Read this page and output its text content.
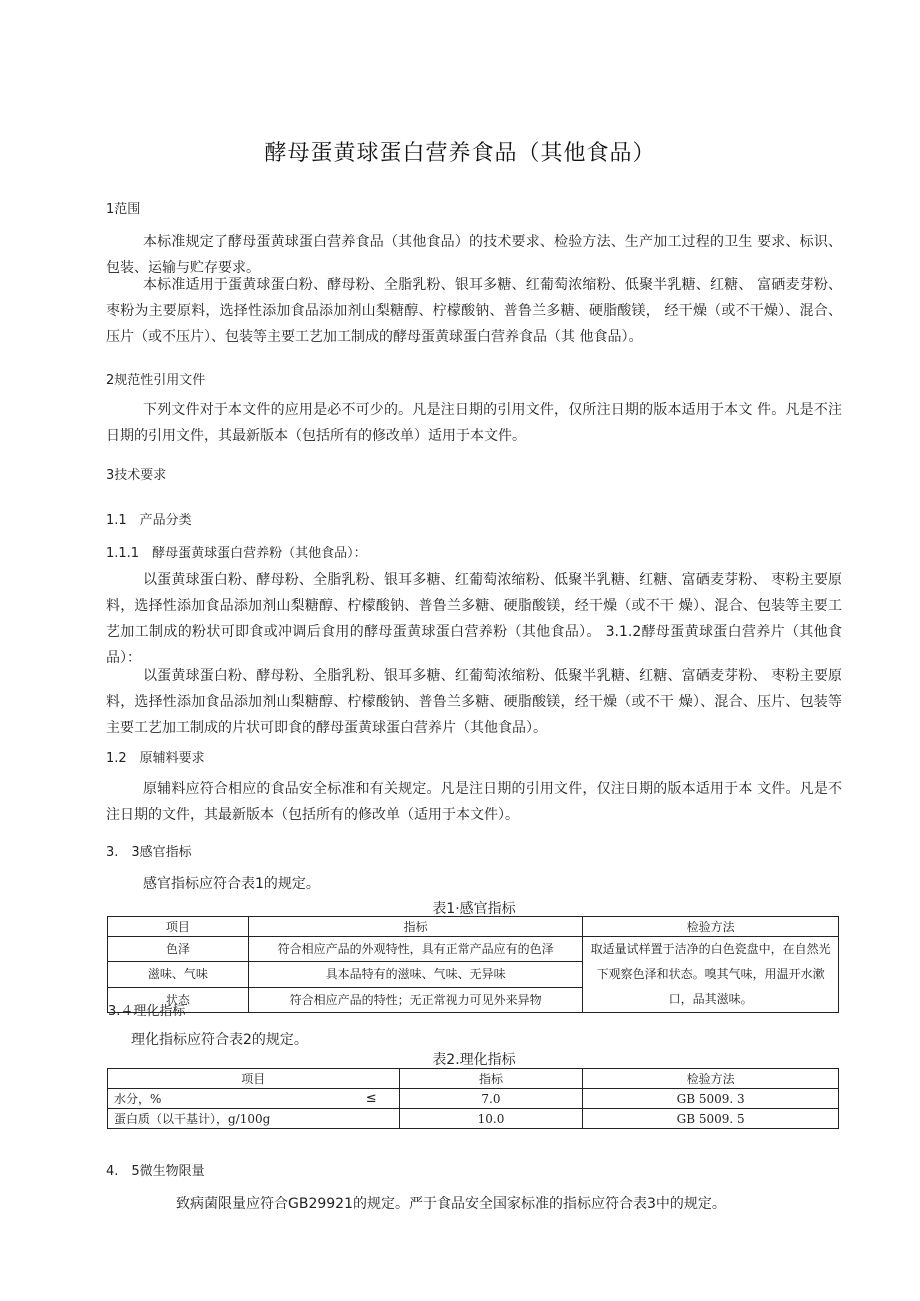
酵母蛋黄球蛋白营养食品（其他食品）
1范围
本标准规定了酵母蛋黄球蛋白营养食品（其他食品）的技术要求、检验方法、生产加工过程的卫生 要求、标识、包装、运输与贮存要求。
本标准适用于蛋黄球蛋白粉、酵母粉、全脂乳粉、银耳多糖、红葡萄浓缩粉、低聚半乳糖、红糖、 富硒麦芽粉、枣粉为主要原料，选择性添加食品添加剂山梨糖醇、柠檬酸钠、普鲁兰多糖、硬脂酸镁， 经干燥（或不干燥）、混合、压片（或不压片）、包装等主要工艺加工制成的酵母蛋黄球蛋白营养食品（其 他食品）。
2规范性引用文件
下列文件对于本文件的应用是必不可少的。凡是注日期的引用文件，仅所注日期的版本适用于本文 件。凡是不注日期的引用文件，其最新版本（包括所有的修改单）适用于本文件。
3技术要求
1.1　产品分类
1.1.1　酵母蛋黄球蛋白营养粉（其他食品）：
以蛋黄球蛋白粉、酵母粉、全脂乳粉、银耳多糖、红葡萄浓缩粉、低聚半乳糖、红糖、富硒麦芽粉、 枣粉主要原料，选择性添加食品添加剂山梨糖醇、柠檬酸钠、普鲁兰多糖、硬脂酸镁，经干燥（或不干 燥）、混合、包装等主要工艺加工制成的粉状可即食或冲调后食用的酵母蛋黄球蛋白营养粉（其他食品）。 3.1.2酵母蛋黄球蛋白营养片（其他食品）：
以蛋黄球蛋白粉、酵母粉、全脂乳粉、银耳多糖、红葡萄浓缩粉、低聚半乳糖、红糖、富硒麦芽粉、 枣粉主要原料，选择性添加食品添加剂山梨糖醇、柠檬酸钠、普鲁兰多糖、硬脂酸镁，经干燥（或不干 燥）、混合、压片、包装等主要工艺加工制成的片状可即食的酵母蛋黄球蛋白营养片（其他食品）。
1.2　原辅料要求
原辅料应符合相应的食品安全标准和有关规定。凡是注日期的引用文件，仅注日期的版本适用于本 文件。凡是不注日期的文件，其最新版本（包括所有的修改单（适用于本文件）。
3.　3感官指标
感官指标应符合表1的规定。
表1·感官指标
项目	指标	检验方法
色泽	符合相应产品的外观特性，具有正常产品应有的色泽	取适量试样置于洁净的白色瓷盘中，在自然光下观察色泽和状态。嗅其气味，用温开水漱口，品其滋味。
滋味、气味	具本品特有的滋味、气味、无异味	
状态	符合相应产品的特性；无正常视力可见外来异物	
3.４理化指标
理化指标应符合表2的规定。
表2.理化指标
项目	指标	检验方法
水分，% ≤	7.0	GB 5009. 3
蛋白质（以干基计），g/100g	10.0	GB 5009. 5
4.　5微生物限量
致病菌限量应符合GB29921的规定。严于食品安全国家标准的指标应符合表3中的规定。
